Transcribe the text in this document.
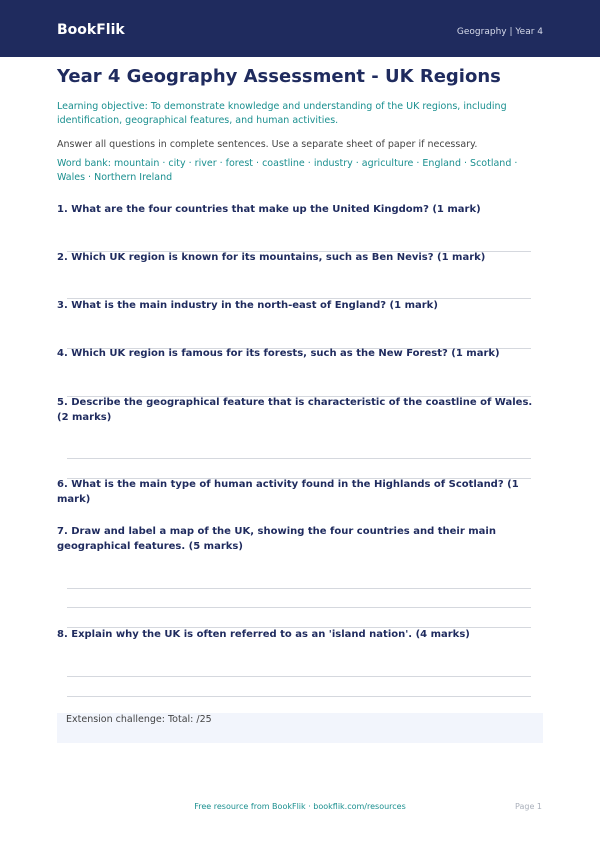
BookFlik	Geography | Year 4
Year 4 Geography Assessment - UK Regions
Learning objective: To demonstrate knowledge and understanding of the UK regions, including identification, geographical features, and human activities.
Answer all questions in complete sentences. Use a separate sheet of paper if necessary.
Word bank: mountain · city · river · forest · coastline · industry · agriculture · England · Scotland · Wales · Northern Ireland
1. What are the four countries that make up the United Kingdom? (1 mark)
2. Which UK region is known for its mountains, such as Ben Nevis? (1 mark)
3. What is the main industry in the north-east of England? (1 mark)
4. Which UK region is famous for its forests, such as the New Forest? (1 mark)
5. Describe the geographical feature that is characteristic of the coastline of Wales. (2 marks)
6. What is the main type of human activity found in the Highlands of Scotland? (1 mark)
7. Draw and label a map of the UK, showing the four countries and their main geographical features. (5 marks)
8. Explain why the UK is often referred to as an 'island nation'. (4 marks)
Extension challenge: Total: /25
Free resource from BookFlik · bookflik.com/resources	Page 1
